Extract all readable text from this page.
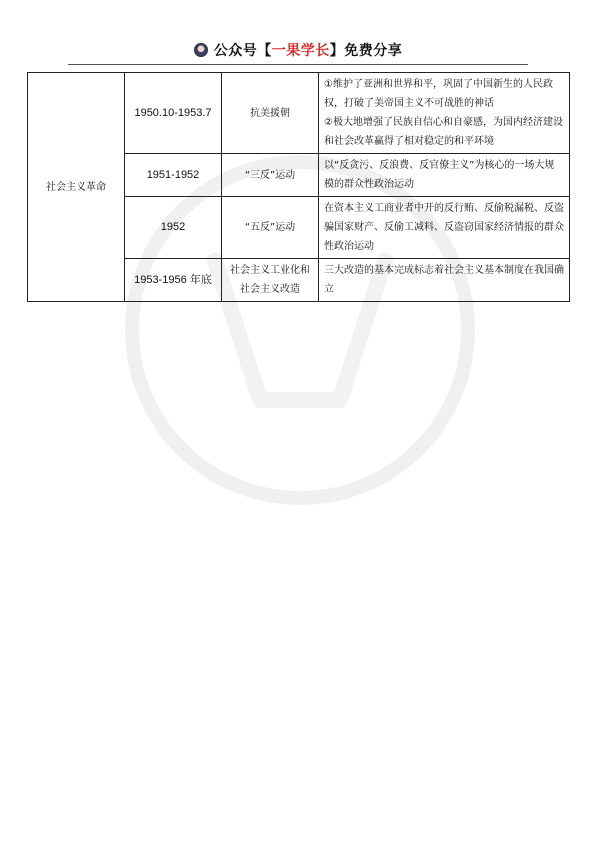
公众号 【 一果学长 】 免费分享
社会主义革命	1950.10-1953.7	抗美援朝	①维护了亚洲和世界和平，巩固了中国新生的人民政权，打破了美帝国主义不可战胜的神话
②极大地增强了民族自信心和自豪感，为国内经济建设和社会改革赢得了相对稳定的和平环境
	1951-1952	“三反”运动	以“反贪污、反浪费、反官僚主义”为核心的一场大规模的群众性政治运动
	1952	“五反”运动	在资本主义工商业者中开的反行贿、反偷税漏税、反盗骗国家财产、反偷工减料、反盗窃国家经济情报的群众性政治运动
	1953-1956 年底	社会主义工业化和社会主义改造	三大改造的基本完成标志着社会主义基本制度在我国确立
